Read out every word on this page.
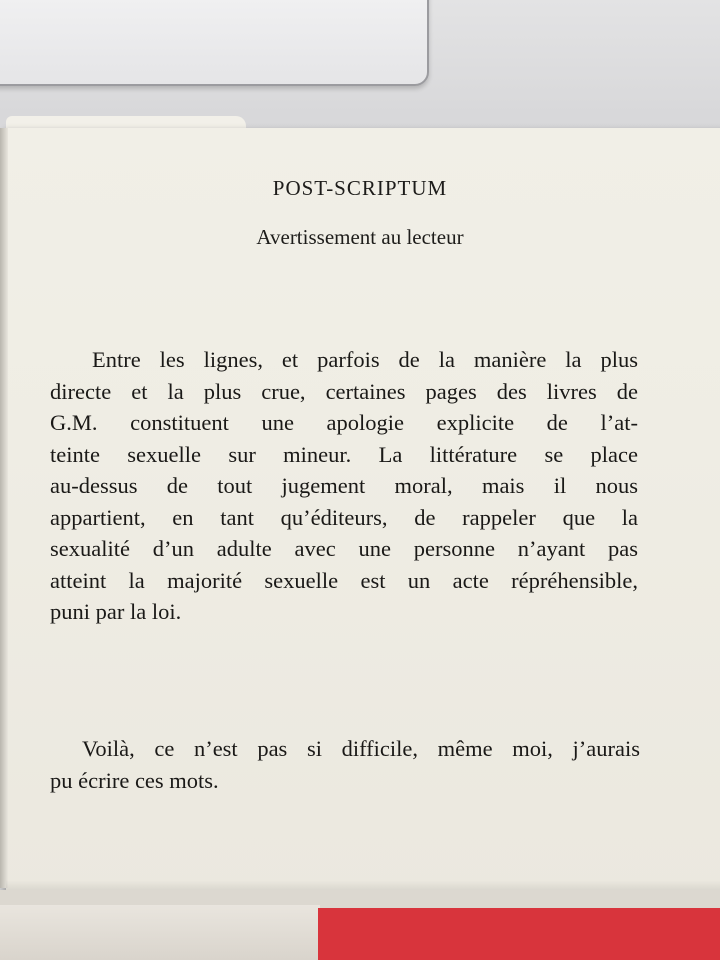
POST-SCRIPTUM
Avertissement au lecteur
Entre les lignes, et parfois de la manière la plus
directe et la plus crue, certaines pages des livres de
G.M. constituent une apologie explicite de l’at-
teinte sexuelle sur mineur. La littérature se place
au-dessus de tout jugement moral, mais il nous
appartient, en tant qu’éditeurs, de rappeler que la
sexualité d’un adulte avec une personne n’ayant pas
atteint la majorité sexuelle est un acte répréhensible,
puni par la loi.
Voilà, ce n’est pas si difficile, même moi, j’aurais
pu écrire ces mots.
